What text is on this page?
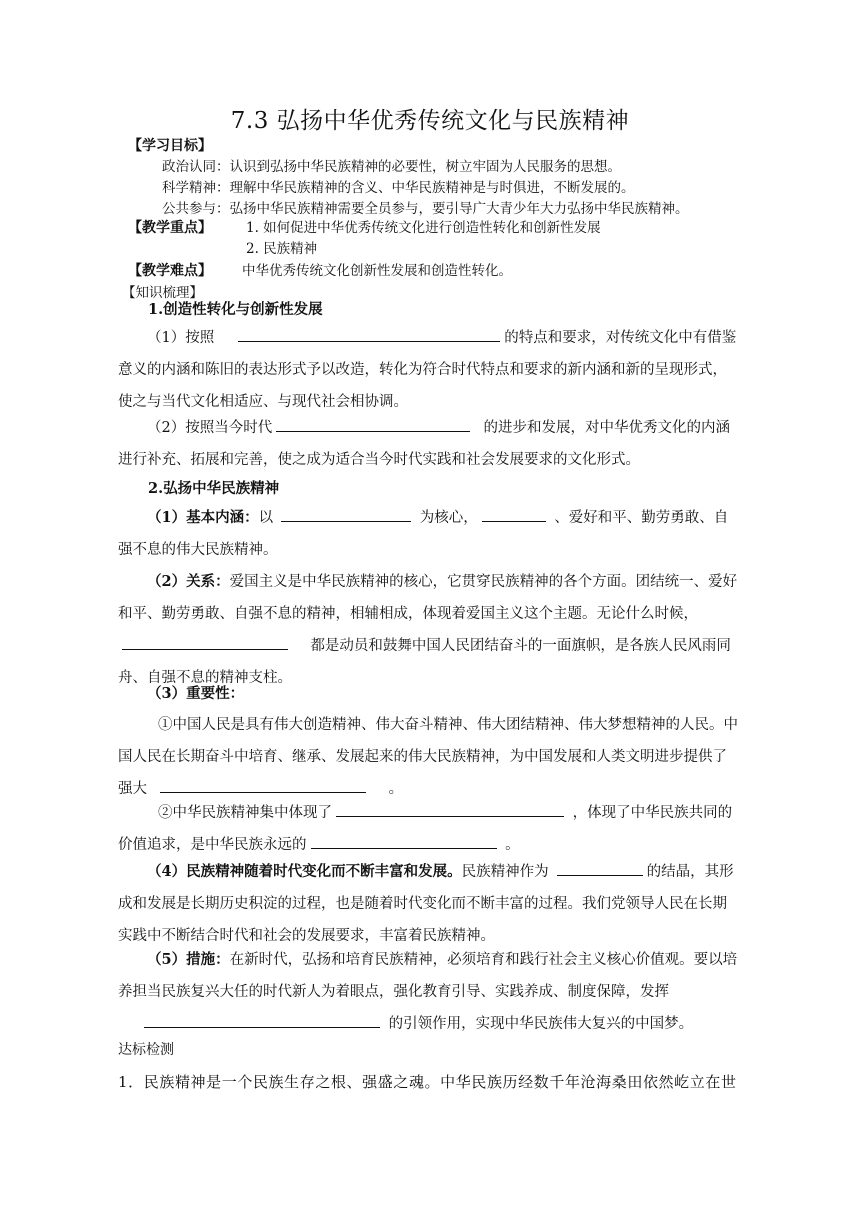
7.3 弘扬中华优秀传统文化与民族精神
【学习目标】
政治认同：认识到弘扬中华民族精神的必要性，树立牢固为人民服务的思想。
科学精神：理解中华民族精神的含义、中华民族精神是与时俱进，不断发展的。
公共参与：弘扬中华民族精神需要全员参与，要引导广大青少年大力弘扬中华民族精神。
【教学重点】	1. 如何促进中华优秀传统文化进行创造性转化和创新性发展
2. 民族精神
【教学难点】 中华优秀传统文化创新性发展和创造性转化。
【知识梳理】
1.创造性转化与创新性发展
（1）按照	的特点和要求，对传统文化中有借鉴意义的内涵和陈旧的表达形式予以改造，转化为符合时代特点和要求的新内涵和新的呈现形式，使之与当代文化相适应、与现代社会相协调。
（2）按照当今时代	的进步和发展，对中华优秀文化的内涵进行补充、拓展和完善，使之成为适合当今时代实践和社会发展要求的文化形式。
2.弘扬中华民族精神
（1）基本内涵：以	为核心，	、爱好和平、勤劳勇敢、自强不息的伟大民族精神。
（2）关系：爱国主义是中华民族精神的核心，它贯穿民族精神的各个方面。团结统一、爱好和平、勤劳勇敢、自强不息的精神，相辅相成，体现着爱国主义这个主题。无论什么时候，    都是动员和鼓舞中国人民团结奋斗的一面旗帜，是各族人民风雨同舟、自强不息的精神支柱。
（3）重要性：
①中国人民是具有伟大创造精神、伟大奋斗精神、伟大团结精神、伟大梦想精神的人民。中国人民在长期奋斗中培育、继承、发展起来的伟大民族精神，为中国发展和人类文明进步提供了强大	。
②中华民族精神集中体现了	，体现了中华民族共同的价值追求，是中华民族永远的	。
（4）民族精神随着时代变化而不断丰富和发展。民族精神作为	的结晶，其形成和发展是长期历史积淀的过程，也是随着时代变化而不断丰富的过程。我们党领导人民在长期实践中不断结合时代和社会的发展要求，丰富着民族精神。
（5）措施：在新时代，弘扬和培育民族精神，必须培育和践行社会主义核心价值观。要以培养担当民族复兴大任的时代新人为着眼点，强化教育引导、实践养成、制度保障，发挥 的引领作用，实现中华民族伟大复兴的中国梦。
达标检测
1．民族精神是一个民族生存之根、强盛之魂。中华民族历经数千年沧海桑田依然屹立在世
